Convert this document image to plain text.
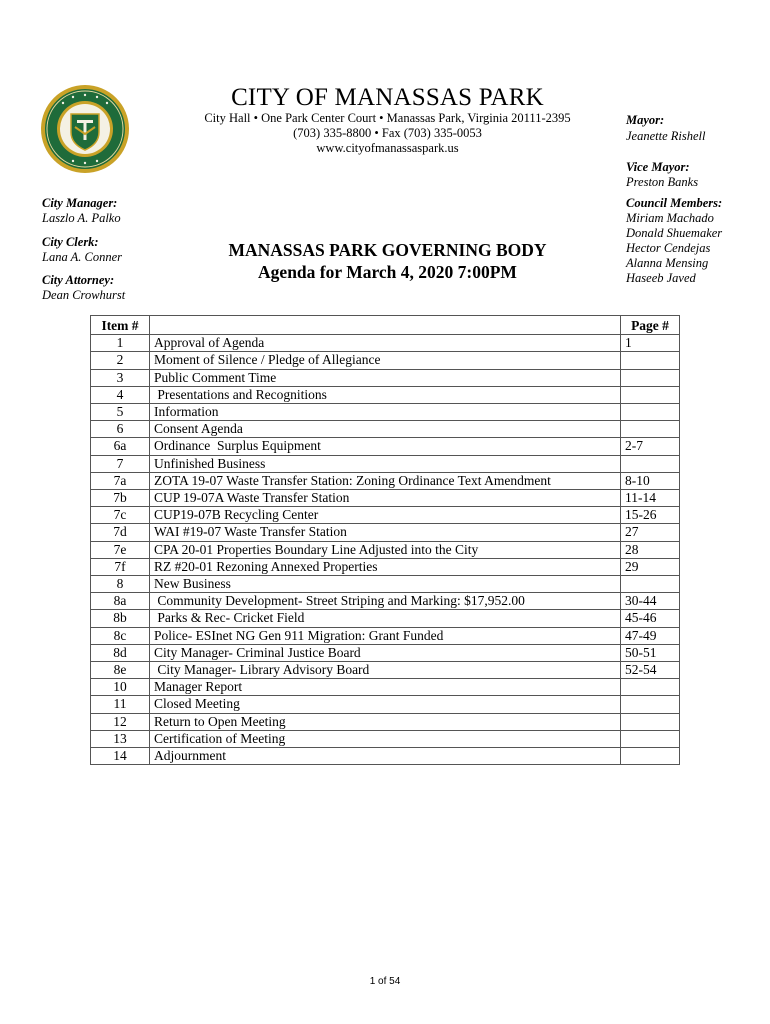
CITY OF MANASSAS PARK
City Hall • One Park Center Court • Manassas Park, Virginia 20111-2395
(703) 335-8800 • Fax (703) 335-0053
www.cityofmanassaspark.us
Mayor:
Jeanette Rishell
Vice Mayor:
Preston Banks
Council Members:
Miriam Machado
Donald Shuemaker
Hector Cendejas
Alanna Mensing
Haseeb Javed
City Manager:
Laszlo A. Palko
City Clerk:
Lana A. Conner
City Attorney:
Dean Crowhurst
MANASSAS PARK GOVERNING BODY
Agenda for March 4, 2020 7:00PM
Item #		Page #
1	Approval of Agenda	1
2	Moment of Silence / Pledge of Allegiance	
3	Public Comment Time	
4	Presentations and Recognitions	
5	Information	
6	Consent Agenda	
6a	Ordinance  Surplus Equipment	2-7
7	Unfinished Business	
7a	ZOTA 19-07 Waste Transfer Station: Zoning Ordinance Text Amendment	8-10
7b	CUP 19-07A Waste Transfer Station	11-14
7c	CUP19-07B Recycling Center	15-26
7d	WAI #19-07 Waste Transfer Station	27
7e	CPA 20-01 Properties Boundary Line Adjusted into the City	28
7f	RZ #20-01 Rezoning Annexed Properties	29
8	New Business	
8a	Community Development- Street Striping and Marking: $17,952.00	30-44
8b	Parks & Rec- Cricket Field	45-46
8c	Police- ESInet NG Gen 911 Migration: Grant Funded	47-49
8d	City Manager- Criminal Justice Board	50-51
8e	City Manager- Library Advisory Board	52-54
10	Manager Report	
11	Closed Meeting	
12	Return to Open Meeting	
13	Certification of Meeting	
14	Adjournment	
1 of 54
